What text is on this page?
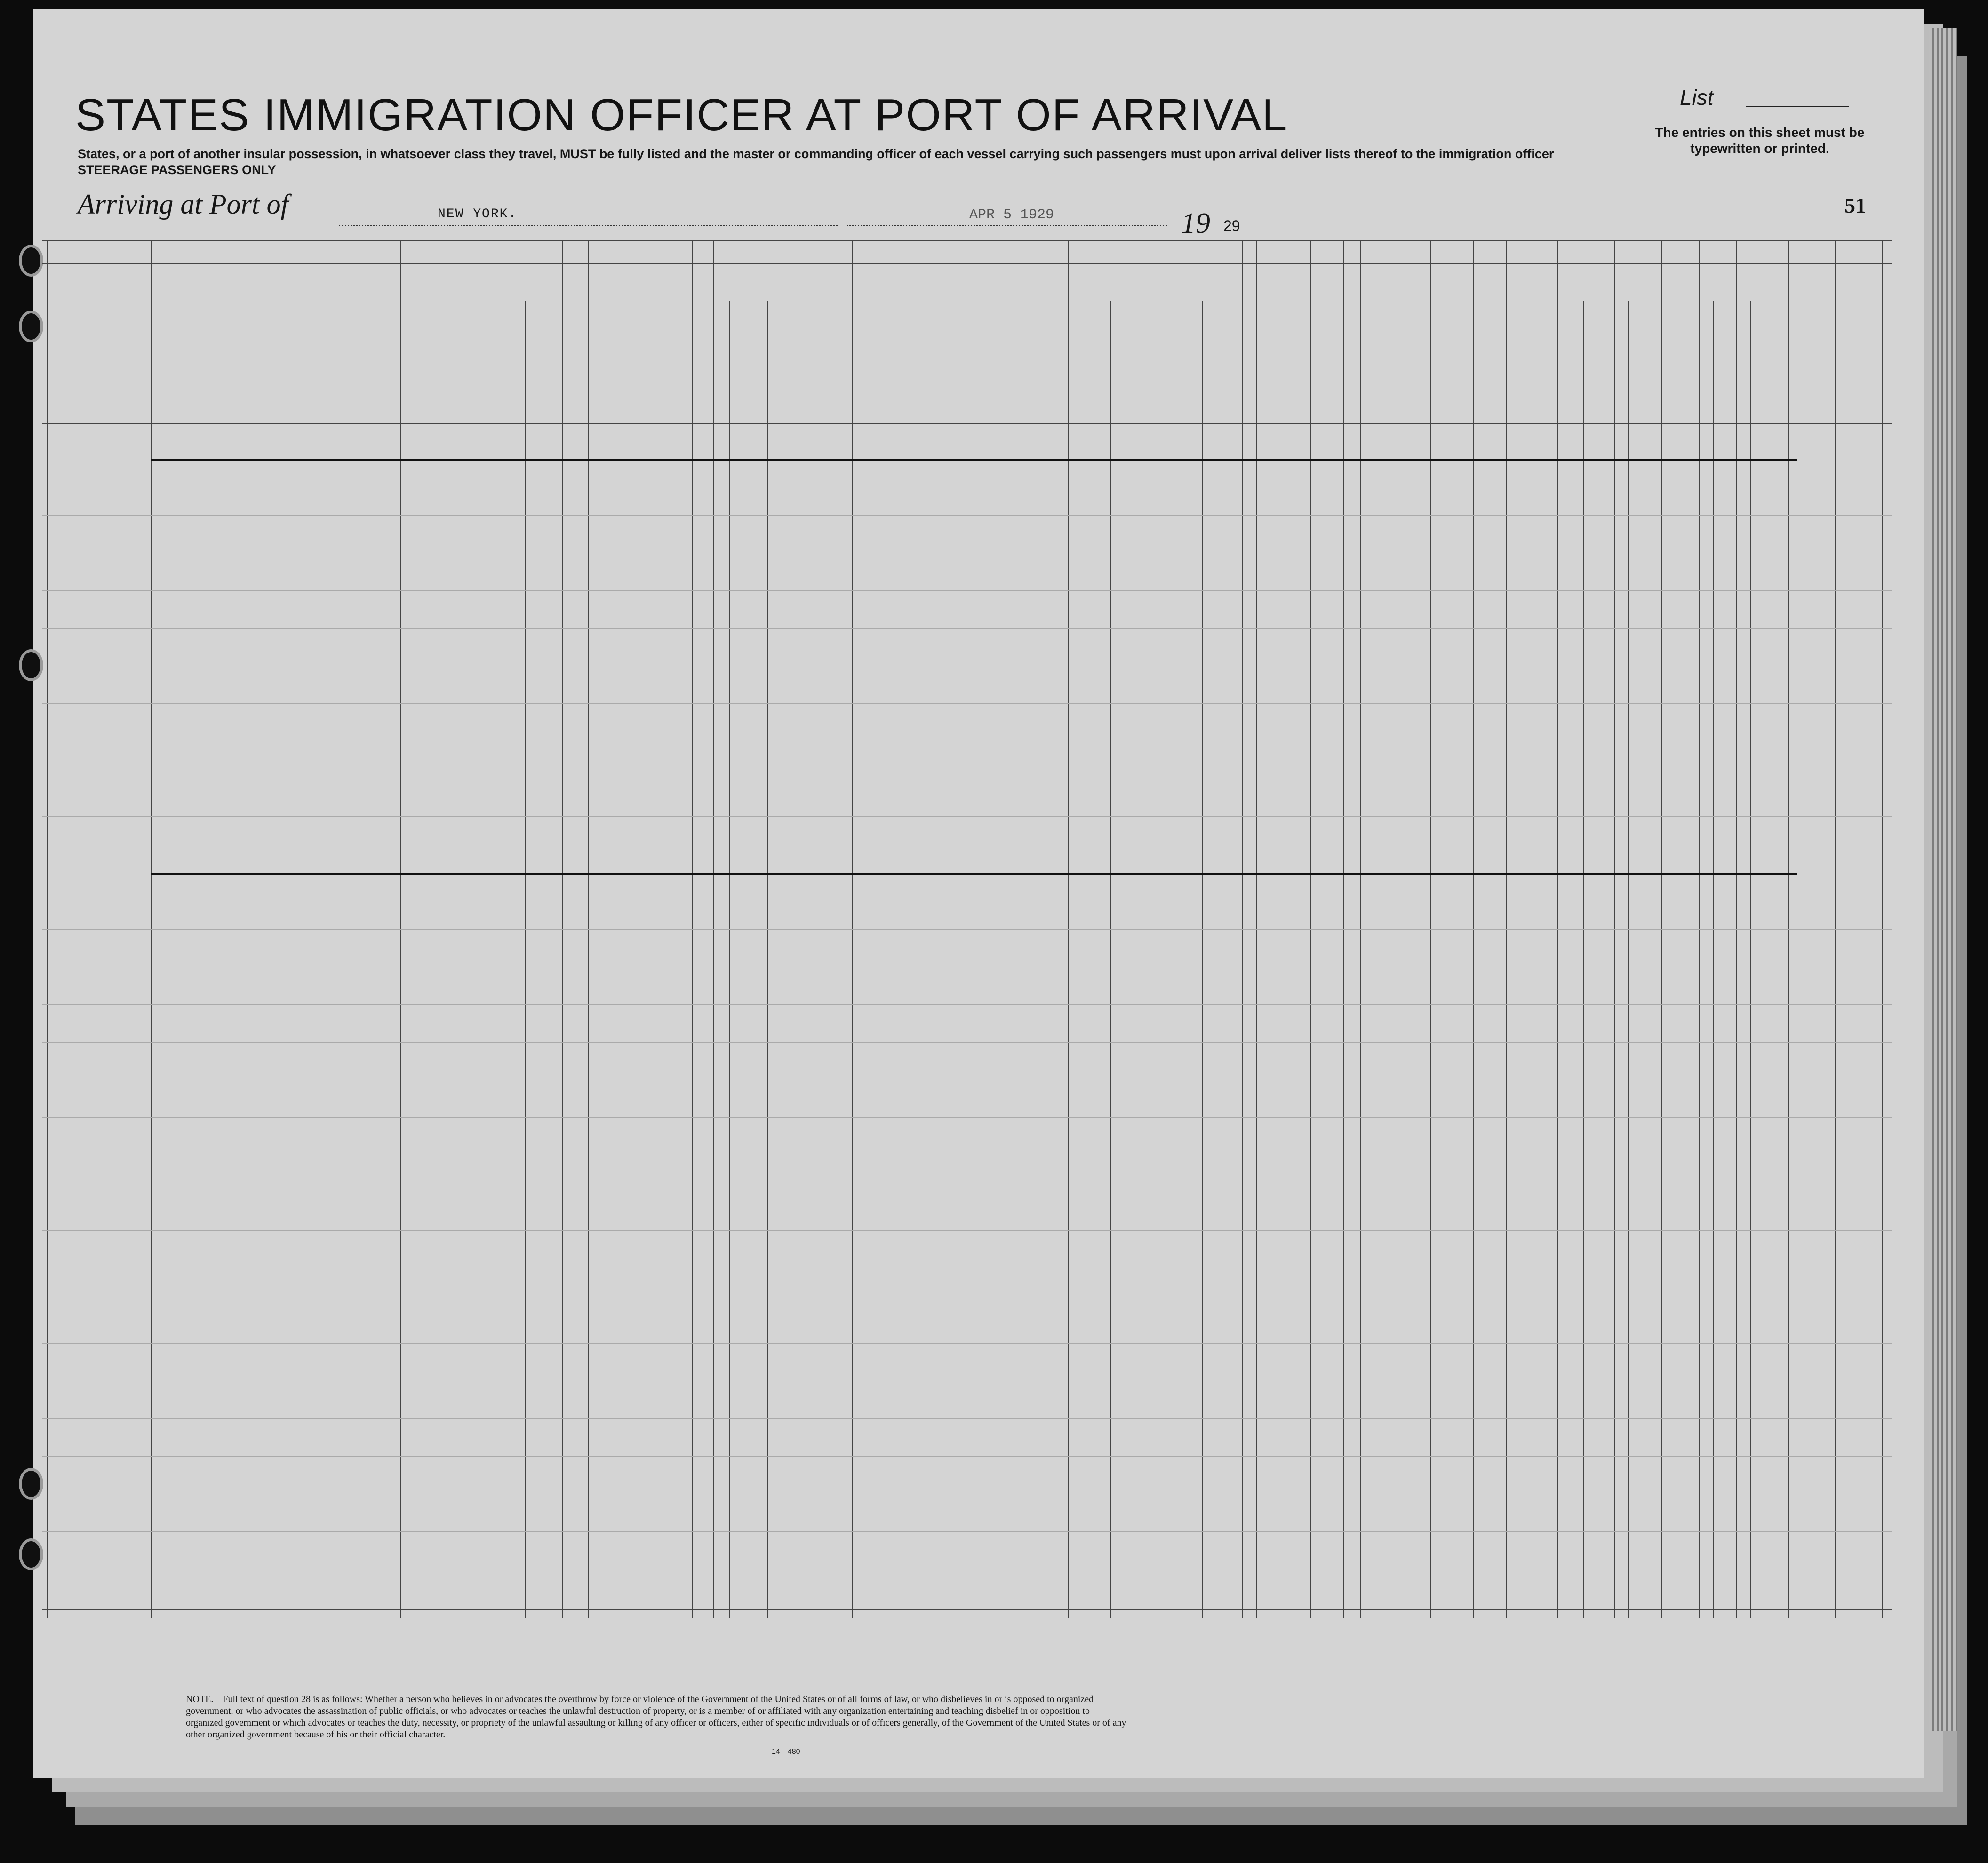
STATES IMMIGRATION OFFICER AT PORT OF ARRIVAL	List
The entries on this sheet must be typewritten or printed.
States, or a port of another insular possession, in whatsoever class they travel, MUST be fully listed and the master or commanding officer of each vessel carrying such passengers must upon arrival deliver lists thereof to the immigration officer
STEERAGE PASSENGERS ONLY
Arriving at Port of	NEW YORK.	APR 5 1929	19 29
51
NOTE.—Full text of question 28 is as follows: Whether a person who believes in or advocates the overthrow by force or violence of the Government of the United States or of all forms of law, or who disbelieves in or is opposed to organized government, or who advocates the assassination of public officials, or who advocates or teaches the unlawful destruction of property, or is a member of or affiliated with any organization entertaining and teaching disbelief in or opposition to organized government or which advocates or teaches the duty, necessity, or propriety of the unlawful assaulting or killing of any officer or officers, either of specific individuals or of officers generally, of the Government of the United States or of any other organized government because of his or their official character.
14—480
